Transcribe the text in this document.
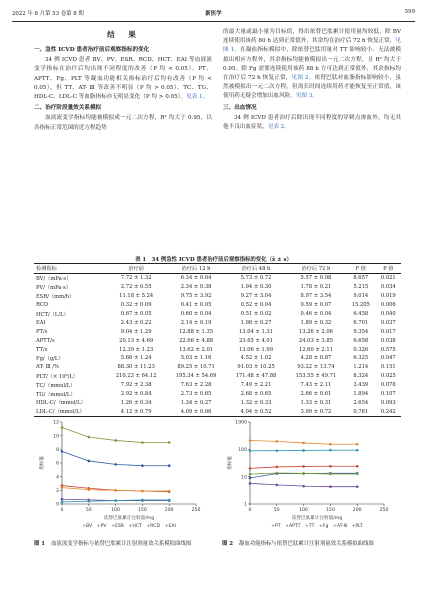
2022 年 8 月第 53 卷第 8 期	新医学	599
结　果
一、急性 ICVD 患者治疗前后观察指标的变化

34 例 ICVD 患者 BV、PV、ESR、RCD、HCT、EAI 等血液流变学指标在治疗后均出现不同程度的改善（P 均 < 0.05）。PT、APTT、Fg、PLT 等凝血功能相关指标治疗后均有改善（P 均 < 0.05），但 TT、AT- Ⅲ 等改善不明显（P 均 > 0.05）。TC、TG、HDL-C、LDL-C 等血脂指标亦无明显变化（P 均 > 0.05）。见表 1。

二、治疗阶段量效关系模拟

血液流变学指标均能被模拟成一元二次方程，R² 均大于 0.95，以各指标正常范围的近方程趋势

的最大量或最小量为目标值，得出依替巴肽累计使用量均较低，除 BV 连续使用该药 80 h 达到正常值外，其余均在治疗后 72 h 恢复正常，见图 1。在凝血指标模拟中，除依替巴肽用量对 TT 影响较小、无法被模拟出相应方程外，其余指标均能被模拟出一元二次方程，且 R² 均大于 0.95。除 Fg 需要连续使用该药 88 h 方可达到正常值外，其余指标均在治疗后 72 h 恢复正常，见图 2。依替巴肽对血脂指标影响较小，虽然被模拟出一元二次方程，但需长时间连续用药才能恢复至正常值，该使用药无疑会增加出血风险，见图 3。

三、出血情况

34 例 ICVD 患者治疗后除出现不同程度的穿刺点渗血外，均无其他不良出血症状，见表 2。

表 1　34 例急性 ICVD 患者治疗前后观察指标的变化（x̄ ± s）
检测指标	治疗前	治疗后 12 h	治疗后 48 h	治疗后 72 h	F 值	P 值
BV/（mPa·s）	7.72 ± 1.32	6.34 ± 0.64	5.73 ± 0.72	5.57 ± 0.98	8.657	0.021
PV/（mPa·s）	2.72 ± 0.55	2.34 ± 0.38	1.94 ± 0.30	1.78 ± 0.21	5.215	0.034
ESR/（mm/h）	11.18 ± 5.24	9.75 ± 3.92	9.27 ± 3.04	8.97 ± 3.54	9.014	0.019
RCD	0.32 ± 0.09	0.41 ± 0.05	0.52 ± 0.04	0.59 ± 0.07	15.205	0.006
HCT/（L/L）	0.67 ± 0.05	0.60 ± 0.04	0.51 ± 0.02	0.46 ± 0.04	6.458	0.040
EAI	2.43 ± 0.22	2.14 ± 0.19	1.98 ± 0.27	1.89 ± 0.32	6.701	0.037
PT/s	9.04 ± 1.29	12.88 ± 1.35	13.04 ± 1.31	13.26 ± 2.06	9.354	0.017
APTT/s	20.13 ± 4.69	22.66 ± 4.88	23.65 ± 4.01	24.03 ± 3.85	6.658	0.038
TT/s	12.39 ± 1.23	13.62 ± 2.01	13.06 ± 1.99	12.60 ± 2.11	0.326	0.575
Fg/（g/L）	5.66 ± 1.24	5.03 ± 1.16	4.52 ± 1.02	4.28 ± 0.87	6.325	0.047
AT- Ⅲ /%	88.30 ± 11.23	89.25 ± 10.71	91.03 ± 10.25	93.22 ± 13.74	1.214	0.151
PLT/（× 10⁹/L）	210.23 ± 64.12	195.34 ± 54.69	171.48 ± 47.88	153.55 ± 49.71	8.324	0.025
TC/（mmol/L）	7.92 ± 2.38	7.63 ± 2.28	7.49 ± 2.21	7.43 ± 2.11	3.439	0.078
TG/（mmol/L）	2.92 ± 0.84	2.73 ± 0.65	2.68 ± 0.65	2.66 ± 0.61	1.894	0.107
HDL-C/（mmol/L）	1.26 ± 0.34	1.34 ± 0.27	1.32 ± 0.33	1.33 ± 0.31	2.654	0.093
LDL-C/（mmol/L）	4.12 ± 0.79	4.09 ± 0.66	4.04 ± 0.52	3.99 ± 0.72	0.781	0.242
0	50	100	150	200	250
0
2
4
6
8
10
12
依替巴肽累计注射量/mg
指标值
+BV　+PV　+ESR　+HCT　+RCD　+EAI
图 1 血液流变学指标与依替巴肽累计注射剂量效关系模拟曲线图
0	50	100	150	200	250
1
10
100
1000
依替巴肽累计注射量/mg
指标值
+PT　+APTT　+TT　+Fg　+AT-Ⅲ　+PLT
图 2 凝血功能指标与依替巴肽累计注射剂量效关系模拟曲线图
